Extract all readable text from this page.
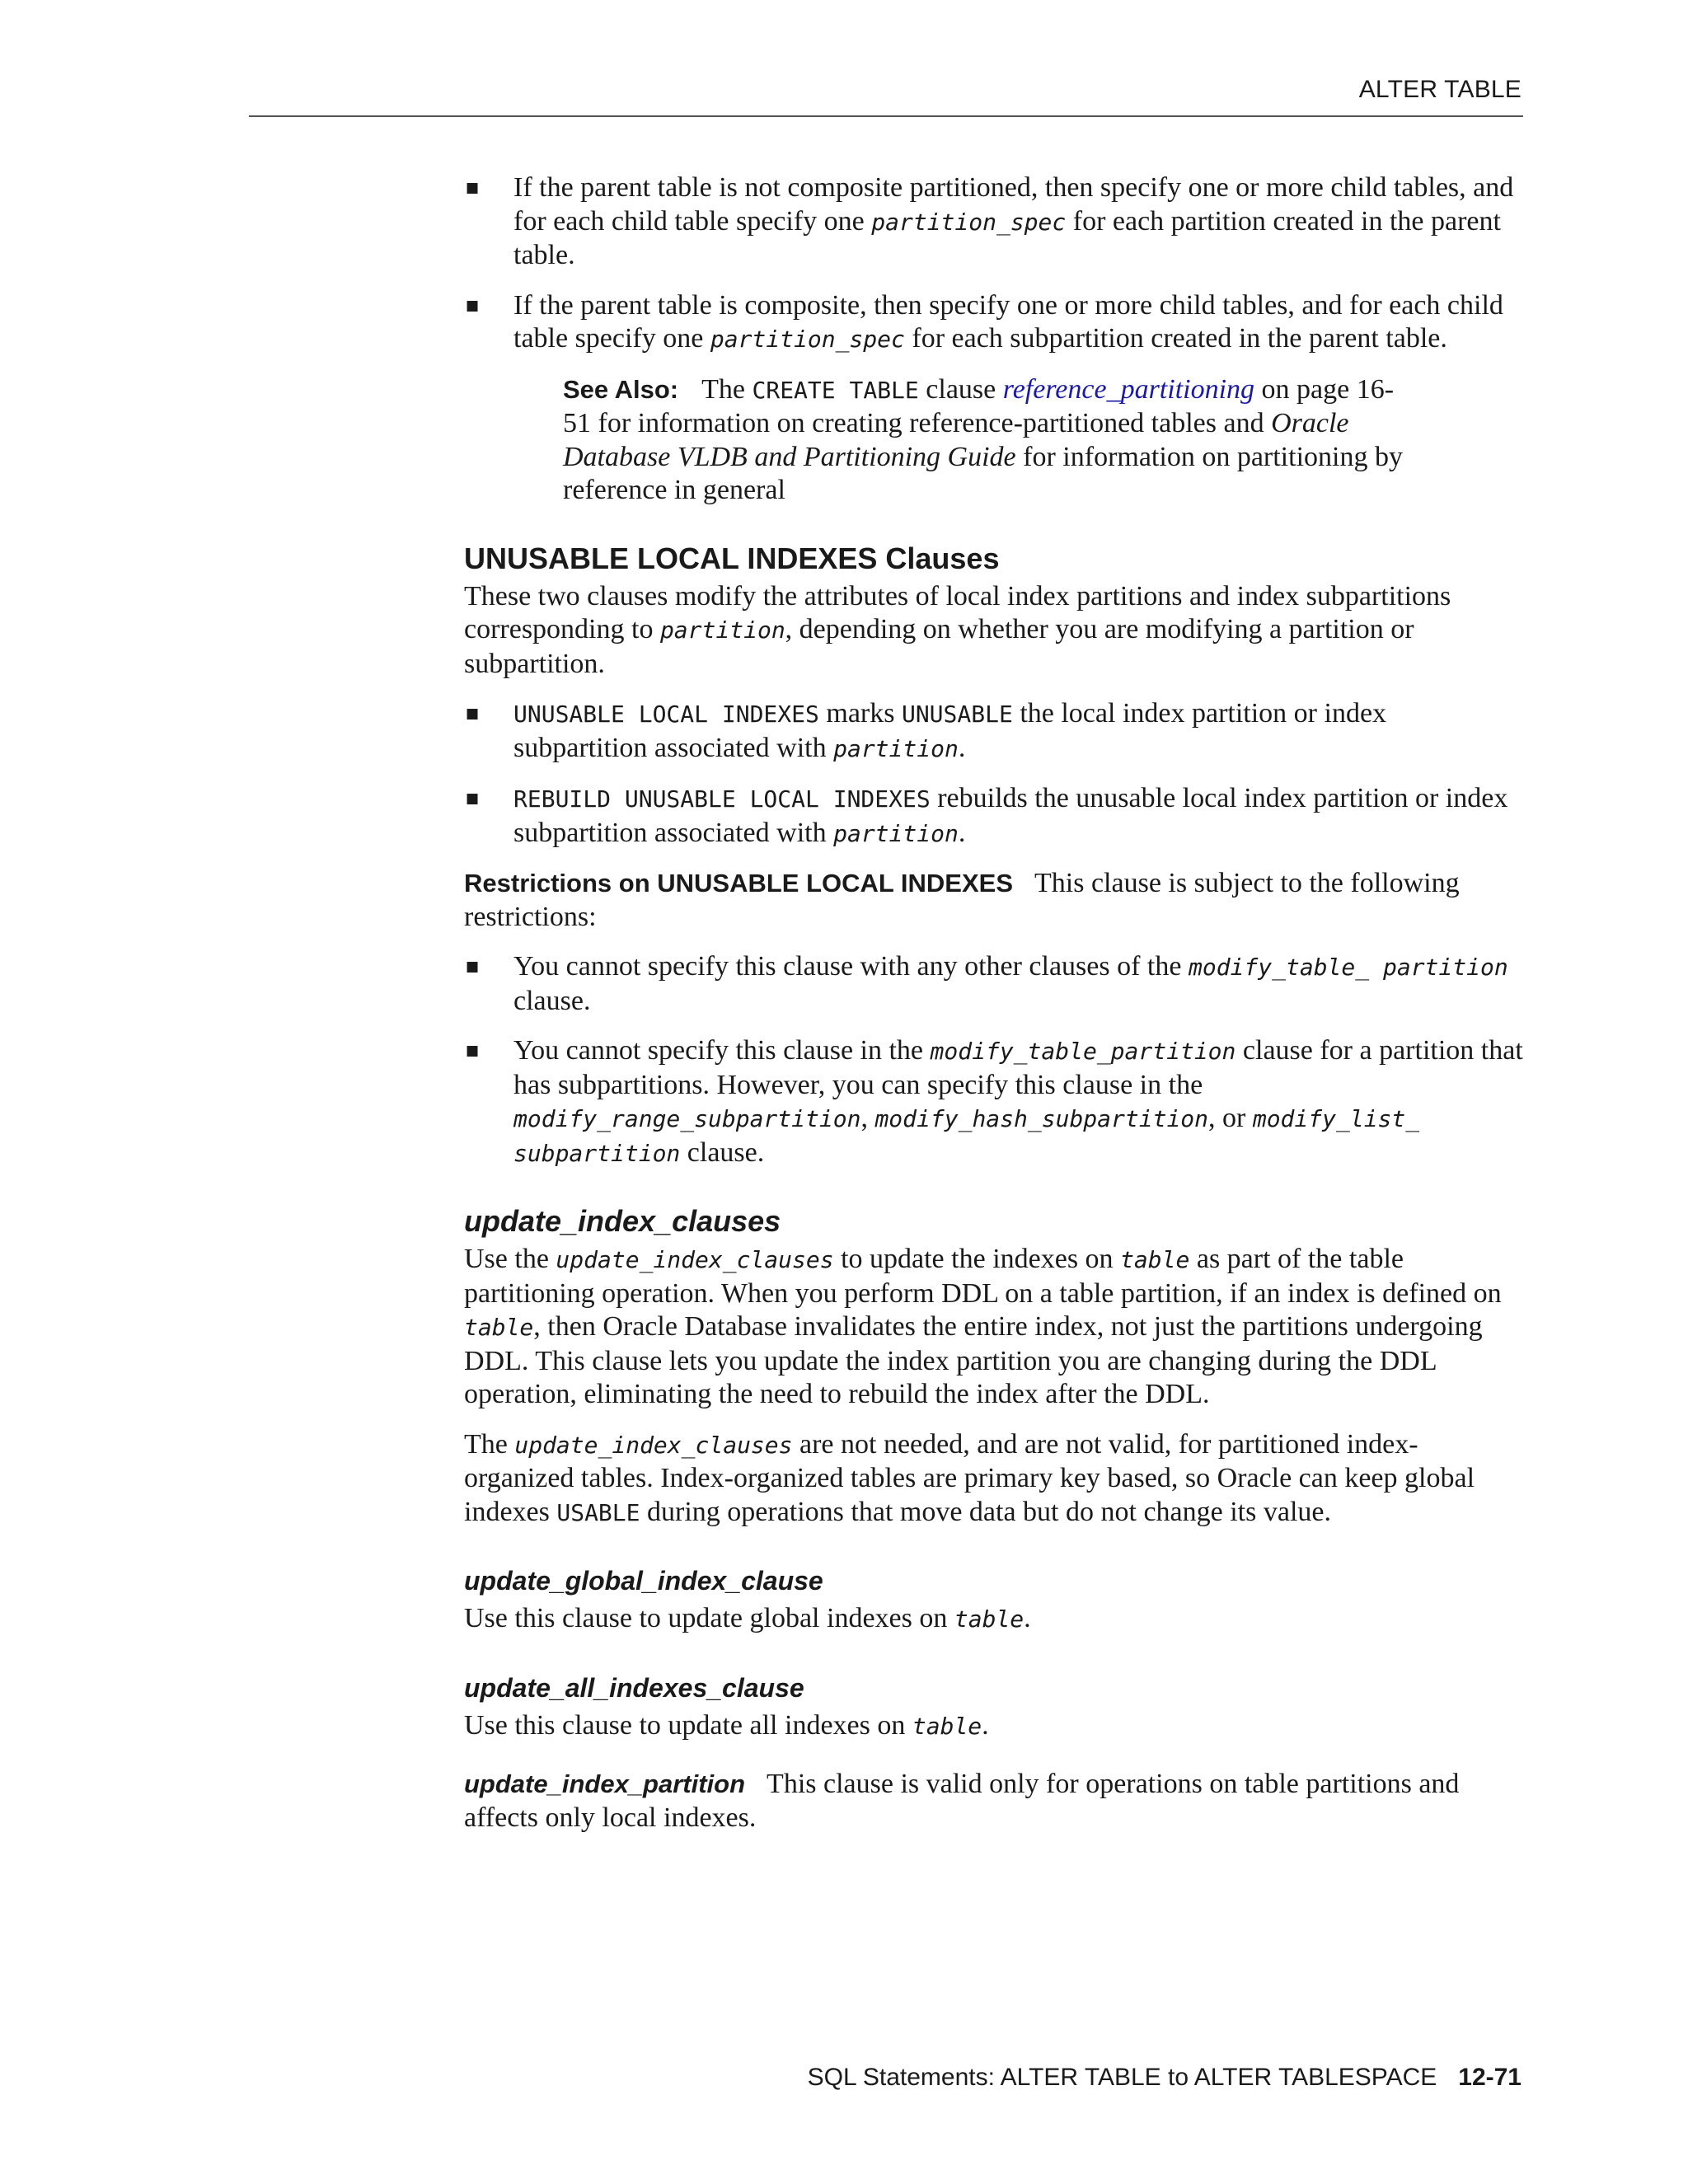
ALTER TABLE
■ If the parent table is not composite partitioned, then specify one or more child tables, and for each child table specify one partition_spec for each partition created in the parent table.
■ If the parent table is composite, then specify one or more child tables, and for each child table specify one partition_spec for each subpartition created in the parent table.
See Also: The CREATE TABLE clause reference_partitioning on page 16-51 for information on creating reference-partitioned tables and Oracle Database VLDB and Partitioning Guide for information on partitioning by reference in general
UNUSABLE LOCAL INDEXES Clauses

These two clauses modify the attributes of local index partitions and index subpartitions corresponding to partition, depending on whether you are modifying a partition or subpartition.

■ UNUSABLE LOCAL INDEXES marks UNUSABLE the local index partition or index subpartition associated with partition.
■ REBUILD UNUSABLE LOCAL INDEXES rebuilds the unusable local index partition or index subpartition associated with partition.

Restrictions on UNUSABLE LOCAL INDEXES This clause is subject to the following restrictions:

■ You cannot specify this clause with any other clauses of the modify_table_ partition clause.
■ You cannot specify this clause in the modify_table_partition clause for a partition that has subpartitions. However, you can specify this clause in the modify_range_subpartition, modify_hash_subpartition, or modify_list_ subpartition clause.
update_index_clauses

Use the update_index_clauses to update the indexes on table as part of the table partitioning operation. When you perform DDL on a table partition, if an index is defined on table, then Oracle Database invalidates the entire index, not just the partitions undergoing DDL. This clause lets you update the index partition you are changing during the DDL operation, eliminating the need to rebuild the index after the DDL.

The update_index_clauses are not needed, and are not valid, for partitioned index-organized tables. Index-organized tables are primary key based, so Oracle can keep global indexes USABLE during operations that move data but do not change its value.

update_global_index_clause

Use this clause to update global indexes on table.

update_all_indexes_clause

Use this clause to update all indexes on table.

update_index_partition This clause is valid only for operations on table partitions and affects only local indexes.

SQL Statements: ALTER TABLE to ALTER TABLESPACE 12-71
